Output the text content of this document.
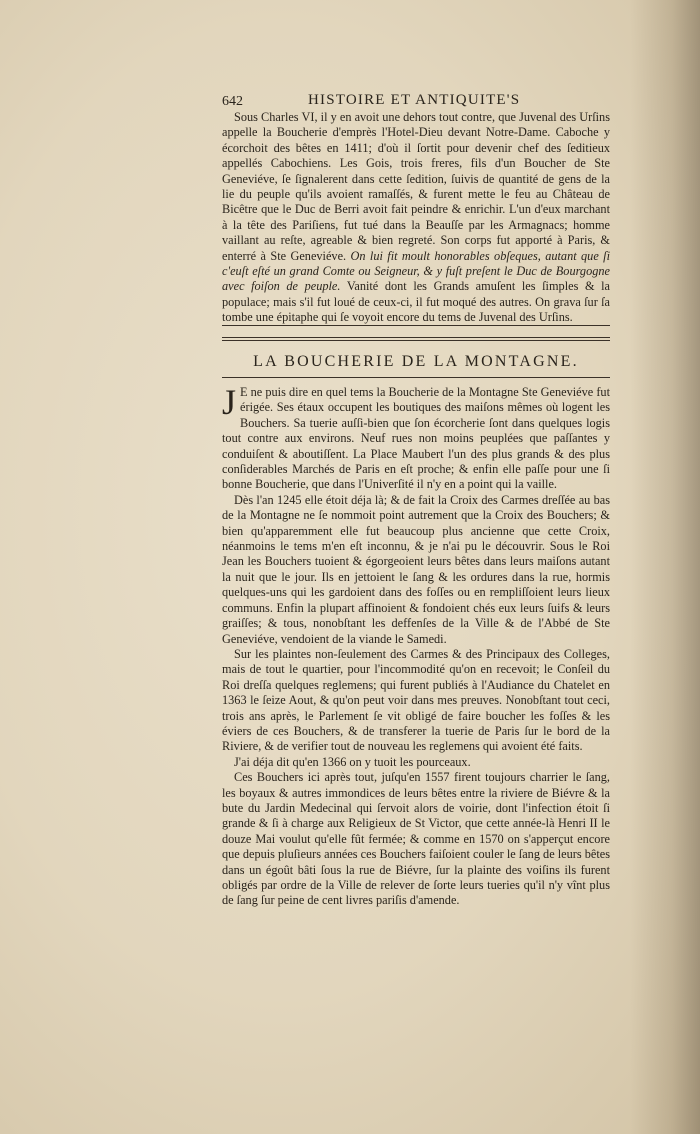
642	HISTOIRE ET ANTIQUITE'S

Sous Charles VI, il y en avoit une dehors tout contre, que Juvenal des Urſins appelle la Boucherie d'emprès l'Hotel-Dieu devant Notre-Dame. Caboche y écorchoit des bêtes en 1411; d'où il ſortit pour devenir chef des ſeditieux appellés Cabochiens. Les Gois, trois freres, fils d'un Boucher de Ste Geneviéve, ſe ſignalerent dans cette ſedition, ſuivis de quantité de gens de la lie du peuple qu'ils avoient ramaſſés, & furent mette le feu au Château de Bicêtre que le Duc de Berri avoit fait peindre & enrichir. L'un d'eux marchant à la tête des Pariſiens, fut tué dans la Beauſſe par les Armagnacs; homme vaillant au reſte, agreable & bien regreté. Son corps fut apporté à Paris, & enterré à Ste Geneviéve. On lui fit moult honorables obſeques, autant que ſi c'euſt eſté un grand Comte ou Seigneur, & y fuſt preſent le Duc de Bourgogne avec foiſon de peuple. Vanité dont les Grands amuſent les ſimples & la populace; mais s'il fut loué de ceux-ci, il fut moqué des autres. On grava ſur ſa tombe une épitaphe qui ſe voyoit encore du tems de Juvenal des Urſins.

LA BOUCHERIE DE LA MONTAGNE.

J E ne puis dire en quel tems la Boucherie de la Montagne Ste Geneviéve fut érigée. Ses étaux occupent les boutiques des maiſons mêmes où logent les Bouchers. Sa tuerie auſſi-bien que ſon écorcherie ſont dans quelques logis tout contre aux environs. Neuf rues non moins peuplées que paſſantes y conduiſent & aboutiſſent. La Place Maubert l'un des plus grands & des plus conſiderables Marchés de Paris en eſt proche; & enfin elle paſſe pour une ſi bonne Boucherie, que dans l'Univerſité il n'y en a point qui la vaille.

Dès l'an 1245 elle étoit déja là; & de fait la Croix des Carmes dreſſée au bas de la Montagne ne ſe nommoit point autrement que la Croix des Bouchers; & bien qu'apparemment elle fut beaucoup plus ancienne que cette Croix, néanmoins le tems m'en eſt inconnu, & je n'ai pu le découvrir. Sous le Roi Jean les Bouchers tuoient & égorgeoient leurs bêtes dans leurs maiſons autant la nuit que le jour. Ils en jettoient le ſang & les ordures dans la rue, hormis quelques-uns qui les gardoient dans des foſſes ou en rempliſſoient leurs lieux communs. Enfin la plupart affinoient & fondoient chés eux leurs ſuifs & leurs graiſſes; & tous, nonobſtant les deffenſes de la Ville & de l'Abbé de Ste Geneviéve, vendoient de la viande le Samedi.

Sur les plaintes non-ſeulement des Carmes & des Principaux des Colleges, mais de tout le quartier, pour l'incommodité qu'on en recevoit; le Conſeil du Roi dreſſa quelques reglemens; qui furent publiés à l'Audiance du Chatelet en 1363 le ſeize Aout, & qu'on peut voir dans mes preuves. Nonobſtant tout ceci, trois ans après, le Parlement ſe vit obligé de faire boucher les foſſes & les éviers de ces Bouchers, & de transferer la tuerie de Paris ſur le bord de la Riviere, & de verifier tout de nouveau les reglemens qui avoient été faits.

J'ai déja dit qu'en 1366 on y tuoit les pourceaux.

Ces Bouchers ici après tout, juſqu'en 1557 firent toujours charrier le ſang, les boyaux & autres immondices de leurs bêtes entre la riviere de Biévre & la bute du Jardin Medecinal qui ſervoit alors de voirie, dont l'infection étoit ſi grande & ſi à charge aux Religieux de St Victor, que cette année-là Henri II le douze Mai voulut qu'elle fût fermée; & comme en 1570 on s'apperçut encore que depuis pluſieurs années ces Bouchers faiſoient couler le ſang de leurs bêtes dans un égoût bâti ſous la rue de Biévre, ſur la plainte des voiſins ils furent obligés par ordre de la Ville de relever de ſorte leurs tueries qu'il n'y vînt plus de ſang ſur peine de cent livres pariſis d'amende.
